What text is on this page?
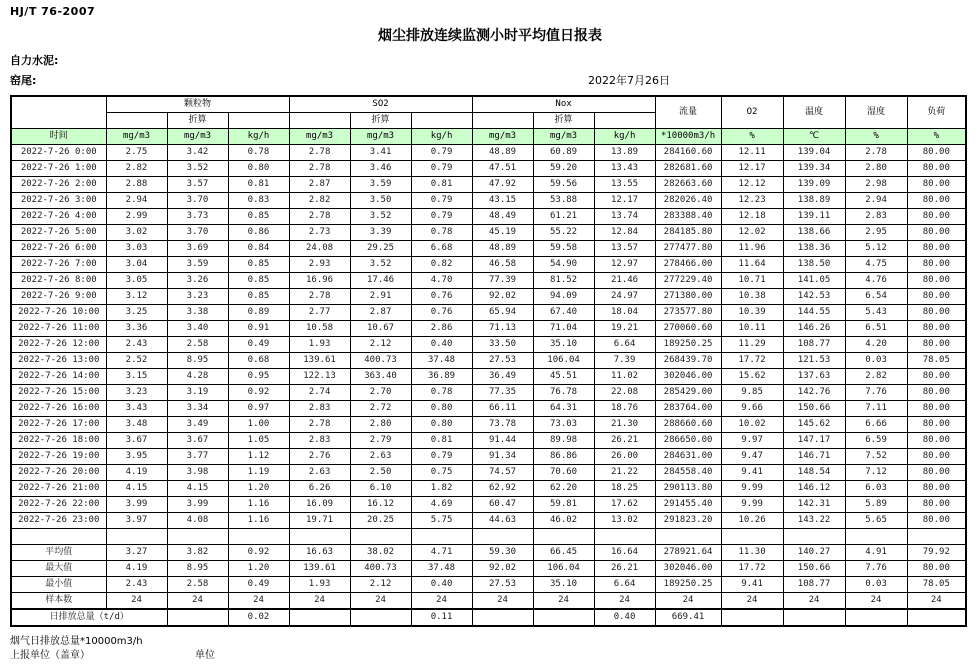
HJ/T 76-2007
烟尘排放连续监测小时平均值日报表
自力水泥:
窑尾:	2022年7月26日
	颗粒物			SO2			Nox			流量	O2	温度	湿度	负荷
		折算			折算			折算						
时间	mg/m3	mg/m3	kg/h	mg/m3	mg/m3	kg/h	mg/m3	mg/m3	kg/h	*10000m3/h	%	℃	%	%
2022-7-26 0:00	2.75	3.42	0.78	2.78	3.41	0.79	48.89	60.89	13.89	284160.60	12.11	139.04	2.78	80.00
2022-7-26 1:00	2.82	3.52	0.80	2.78	3.46	0.79	47.51	59.20	13.43	282681.60	12.17	139.34	2.80	80.00
2022-7-26 2:00	2.88	3.57	0.81	2.87	3.59	0.81	47.92	59.56	13.55	282663.60	12.12	139.09	2.98	80.00
2022-7-26 3:00	2.94	3.70	0.83	2.82	3.50	0.79	43.15	53.88	12.17	282026.40	12.23	138.89	2.94	80.00
2022-7-26 4:00	2.99	3.73	0.85	2.78	3.52	0.79	48.49	61.21	13.74	283388.40	12.18	139.11	2.83	80.00
2022-7-26 5:00	3.02	3.70	0.86	2.73	3.39	0.78	45.19	55.22	12.84	284185.80	12.02	138.66	2.95	80.00
2022-7-26 6:00	3.03	3.69	0.84	24.08	29.25	6.68	48.89	59.58	13.57	277477.80	11.96	138.36	5.12	80.00
2022-7-26 7:00	3.04	3.59	0.85	2.93	3.52	0.82	46.58	54.90	12.97	278466.00	11.64	138.50	4.75	80.00
2022-7-26 8:00	3.05	3.26	0.85	16.96	17.46	4.70	77.39	81.52	21.46	277229.40	10.71	141.05	4.76	80.00
2022-7-26 9:00	3.12	3.23	0.85	2.78	2.91	0.76	92.02	94.09	24.97	271380.00	10.38	142.53	6.54	80.00
2022-7-26 10:00	3.25	3.38	0.89	2.77	2.87	0.76	65.94	67.40	18.04	273577.80	10.39	144.55	5.43	80.00
2022-7-26 11:00	3.36	3.40	0.91	10.58	10.67	2.86	71.13	71.04	19.21	270060.60	10.11	146.26	6.51	80.00
2022-7-26 12:00	2.43	2.58	0.49	1.93	2.12	0.40	33.50	35.10	6.64	189250.25	11.29	108.77	4.20	80.00
2022-7-26 13:00	2.52	8.95	0.68	139.61	400.73	37.48	27.53	106.04	7.39	268439.70	17.72	121.53	0.03	78.05
2022-7-26 14:00	3.15	4.28	0.95	122.13	363.40	36.89	36.49	45.51	11.02	302046.00	15.62	137.63	2.82	80.00
2022-7-26 15:00	3.23	3.19	0.92	2.74	2.70	0.78	77.35	76.78	22.08	285429.00	9.85	142.76	7.76	80.00
2022-7-26 16:00	3.43	3.34	0.97	2.83	2.72	0.80	66.11	64.31	18.76	283764.00	9.66	150.66	7.11	80.00
2022-7-26 17:00	3.48	3.49	1.00	2.78	2.80	0.80	73.78	73.03	21.30	288660.60	10.02	145.62	6.66	80.00
2022-7-26 18:00	3.67	3.67	1.05	2.83	2.79	0.81	91.44	89.98	26.21	286650.00	9.97	147.17	6.59	80.00
2022-7-26 19:00	3.95	3.77	1.12	2.76	2.63	0.79	91.34	86.86	26.00	284631.00	9.47	146.71	7.52	80.00
2022-7-26 20:00	4.19	3.98	1.19	2.63	2.50	0.75	74.57	70.60	21.22	284558.40	9.41	148.54	7.12	80.00
2022-7-26 21:00	4.15	4.15	1.20	6.26	6.10	1.82	62.92	62.20	18.25	290113.80	9.99	146.12	6.03	80.00
2022-7-26 22:00	3.99	3.99	1.16	16.09	16.12	4.69	60.47	59.81	17.62	291455.40	9.99	142.31	5.89	80.00
2022-7-26 23:00	3.97	4.08	1.16	19.71	20.25	5.75	44.63	46.02	13.02	291823.20	10.26	143.22	5.65	80.00

平均值	3.27	3.82	0.92	16.63	38.02	4.71	59.30	66.45	16.64	278921.64	11.30	140.27	4.91	79.92
最大值	4.19	8.95	1.20	139.61	400.73	37.48	92.02	106.04	26.21	302046.00	17.72	150.66	7.76	80.00
最小值	2.43	2.58	0.49	1.93	2.12	0.40	27.53	35.10	6.64	189250.25	9.41	108.77	0.03	78.05
样本数	24	24	24	24	24	24	24	24	24	24	24	24	24	24
日排放总量（t/d）			0.02			0.11			0.40	669.41				
烟气日排放总量*10000m3/h
上报单位（盖章）	单位
